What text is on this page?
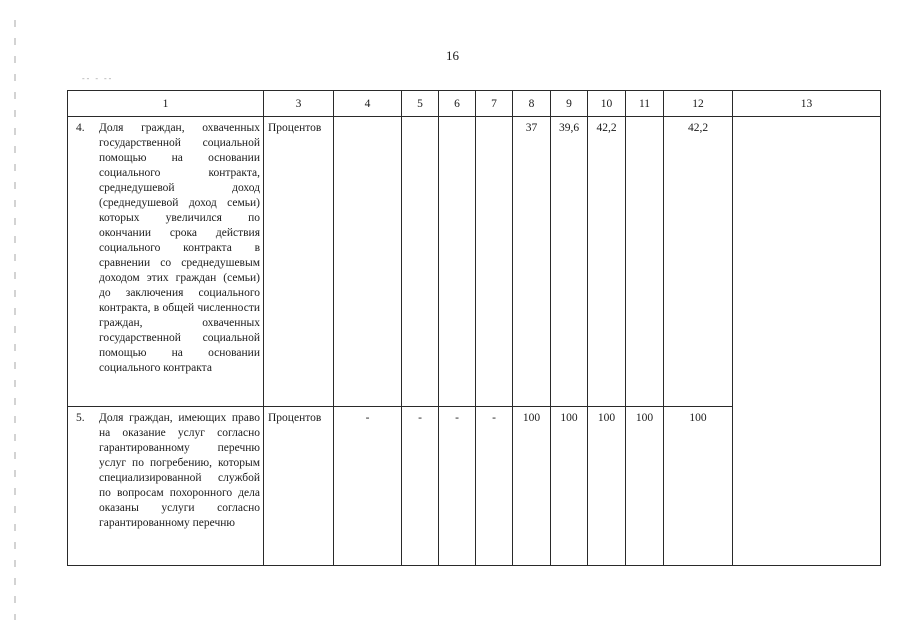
16
-- - --
1	3	4	5	6	7	8	9	10	11	12	13

4. Доля граждан, охваченных государственной социальной помощью на основании социального контракта, среднедушевой доход (среднедушевой доход семьи) которых увеличился по окончании срока действия социального контракта в сравнении со среднедушевым доходом этих граждан (семьи) до заключения социального контракта, в общей численности граждан, охваченных государственной социальной помощью на основании социального контракта	Процентов					37	39,6	42,2		42,2	

5. Доля граждан, имеющих право на оказание услуг согласно гарантированному перечню услуг по погребению, которым специализированной службой по вопросам похоронного дела оказаны услуги согласно гарантированному перечню	Процентов	-	-	-	-	100	100	100	100	100	
